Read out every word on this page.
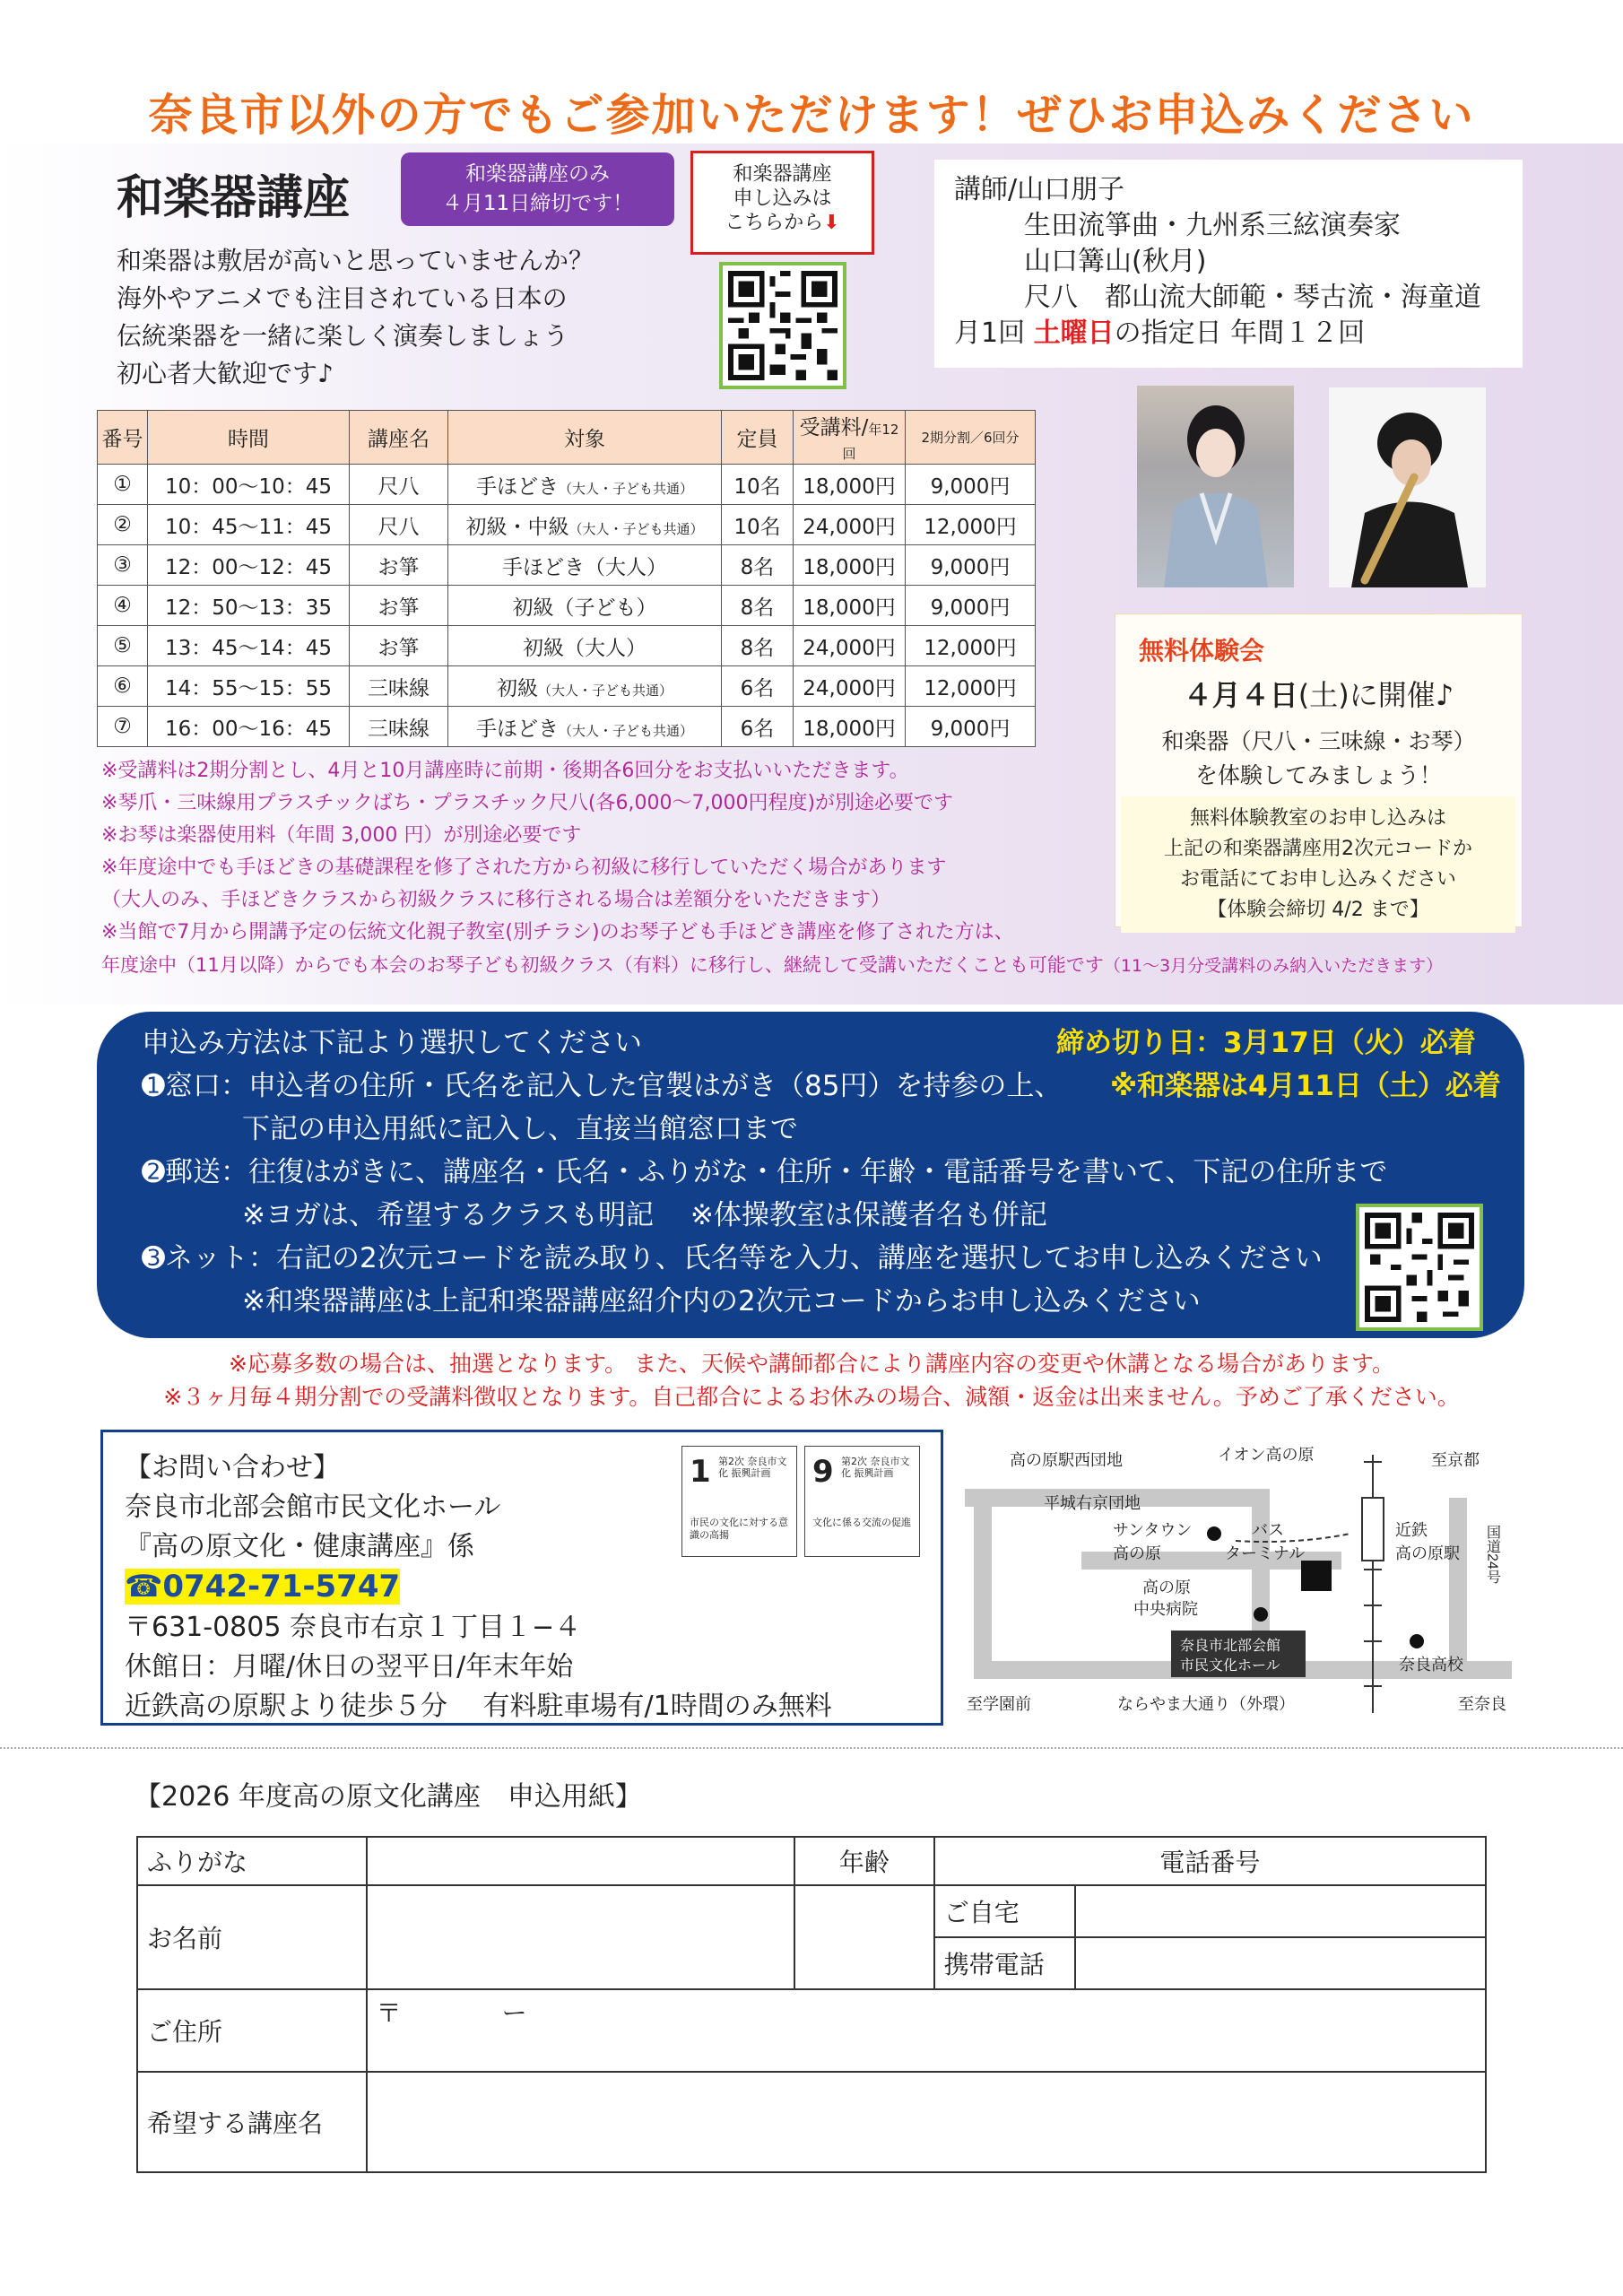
奈良市以外の方でもご参加いただけます！ぜひお申込みください
和楽器講座	和楽器講座のみ
４月11日締切です！
和楽器講座
申し込みは
こちらから⬇
和楽器は敷居が高いと思っていませんか？
海外やアニメでも注目されている日本の
伝統楽器を一緒に楽しく演奏しましょう
初心者大歓迎です♪
講師/山口朋子
生田流箏曲・九州系三絃演奏家
山口篝山(秋月)
尺八　都山流大師範・琴古流・海童道
月1回 土曜日の指定日 年間１２回
番号	時間	講座名	対象	定員	受講料/年12回	2期分割／6回分
①	10：00〜10：45	尺八	手ほどき（大人・子ども共通）	10名	18,000円	9,000円
②	10：45〜11：45	尺八	初級・中級（大人・子ども共通）	10名	24,000円	12,000円
③	12：00〜12：45	お箏	手ほどき（大人）	8名	18,000円	9,000円
④	12：50〜13：35	お箏	初級（子ども）	8名	18,000円	9,000円
⑤	13：45〜14：45	お箏	初級（大人）	8名	24,000円	12,000円
⑥	14：55〜15：55	三味線	初級（大人・子ども共通）	6名	24,000円	12,000円
⑦	16：00〜16：45	三味線	手ほどき（大人・子ども共通）	6名	18,000円	9,000円
無料体験会
４月４日(土)に開催♪
和楽器（尺八・三味線・お琴）
を体験してみましょう！
無料体験教室のお申し込みは
上記の和楽器講座用2次元コードか
お電話にてお申し込みください
【体験会締切 4/2 まで】
※受講料は2期分割とし、4月と10月講座時に前期・後期各6回分をお支払いいただきます。
※琴爪・三味線用プラスチックばち・プラスチック尺八(各6,000〜7,000円程度)が別途必要です
※お琴は楽器使用料（年間 3,000 円）が別途必要です
※年度途中でも手ほどきの基礎課程を修了された方から初級に移行していただく場合があります
（大人のみ、手ほどきクラスから初級クラスに移行される場合は差額分をいただきます）
※当館で7月から開講予定の伝統文化親子教室(別チラシ)のお琴子ども手ほどき講座を修了された方は、
年度途中（11月以降）からでも本会のお琴子ども初級クラス（有料）に移行し、継続して受講いただくことも可能です（11〜3月分受講料のみ納入いただきます）
申込み方法は下記より選択してください	締め切り日：3月17日（火）必着
➊窓口：申込者の住所・氏名を記入した官製はがき（85円）を持参の上、 ※和楽器は4月11日（土）必着
下記の申込用紙に記入し、直接当館窓口まで
➋郵送：往復はがきに、講座名・氏名・ふりがな・住所・年齢・電話番号を書いて、下記の住所まで
※ヨガは、希望するクラスも明記　 ※体操教室は保護者名も併記
➌ネット：右記の2次元コードを読み取り、氏名等を入力、講座を選択してお申し込みください
※和楽器講座は上記和楽器講座紹介内の2次元コードからお申し込みください
※応募多数の場合は、抽選となります。 また、天候や講師都合により講座内容の変更や休講となる場合があります。
※３ヶ月毎４期分割での受講料徴収となります。自己都合によるお休みの場合、減額・返金は出来ません。予めご了承ください。
【お問い合わせ】
奈良市北部会館市民文化ホール
『高の原文化・健康講座』係
☎0742-71-5747
〒631-0805 奈良市右京１丁目１−４
休館日：月曜/休日の翌平日/年末年始
近鉄高の原駅より徒歩５分　 有料駐車場有/1時間のみ無料
1 第2次 奈良市文化 振興計画
市民の文化に対する意識の高揚
9 第2次 奈良市文化 振興計画
文化に係る交流の促進
高の原駅西団地	イオン高の原	至京都
平城右京団地
サンタウン
高の原
バス
ターミナル
近鉄
高の原駅 国道24号
高の原
中央病院
奈良市北部会館
市民文化ホール	奈良高校
至学園前	ならやま大通り（外環）	至奈良
【2026 年度高の原文化講座　申込用紙】
ふりがな		年齢	電話番号	
お名前			ご自宅	
			携帯電話	
ご住所	〒　　　　ー			
希望する講座名				
